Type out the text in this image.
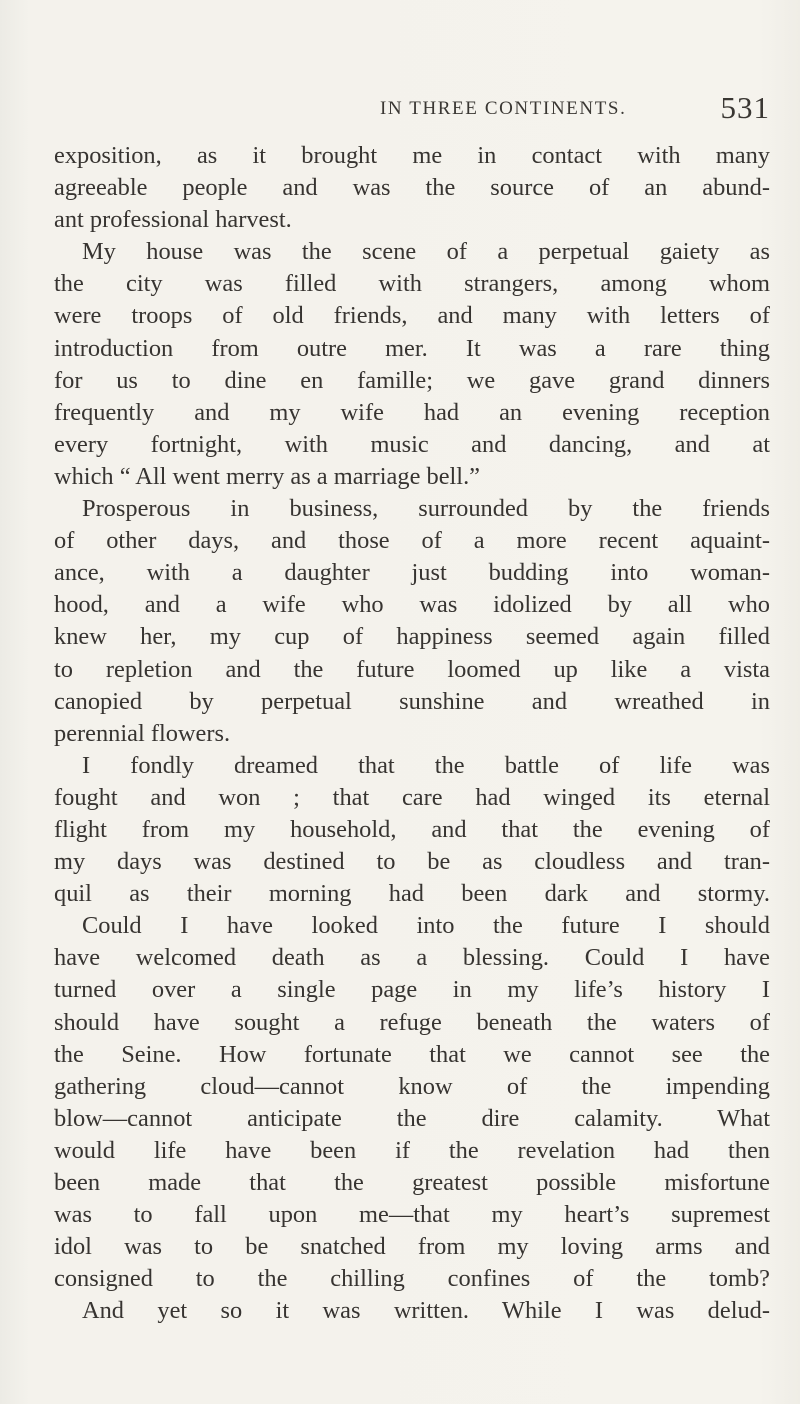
IN THREE CONTINENTS.	531
exposition, as it brought me in contact with many
agreeable people and was the source of an abund-
ant professional harvest.
My house was the scene of a perpetual gaiety as
the city was filled with strangers, among whom
were troops of old friends, and many with letters of
introduction from outre mer. It was a rare thing
for us to dine en famille; we gave grand dinners
frequently and my wife had an evening reception
every fortnight, with music and dancing, and at
which “ All went merry as a marriage bell.”
Prosperous in business, surrounded by the friends
of other days, and those of a more recent aquaint-
ance, with a daughter just budding into woman-
hood, and a wife who was idolized by all who
knew her, my cup of happiness seemed again filled
to repletion and the future loomed up like a vista
canopied by perpetual sunshine and wreathed in
perennial flowers.
I fondly dreamed that the battle of life was
fought and won ; that care had winged its eternal
flight from my household, and that the evening of
my days was destined to be as cloudless and tran-
quil as their morning had been dark and stormy.
Could I have looked into the future I should
have welcomed death as a blessing. Could I have
turned over a single page in my life’s history I
should have sought a refuge beneath the waters of
the Seine. How fortunate that we cannot see the
gathering cloud—cannot know of the impending
blow—cannot anticipate the dire calamity. What
would life have been if the revelation had then
been made that the greatest possible misfortune
was to fall upon me—that my heart’s supremest
idol was to be snatched from my loving arms and
consigned to the chilling confines of the tomb?
And yet so it was written. While I was delud-
